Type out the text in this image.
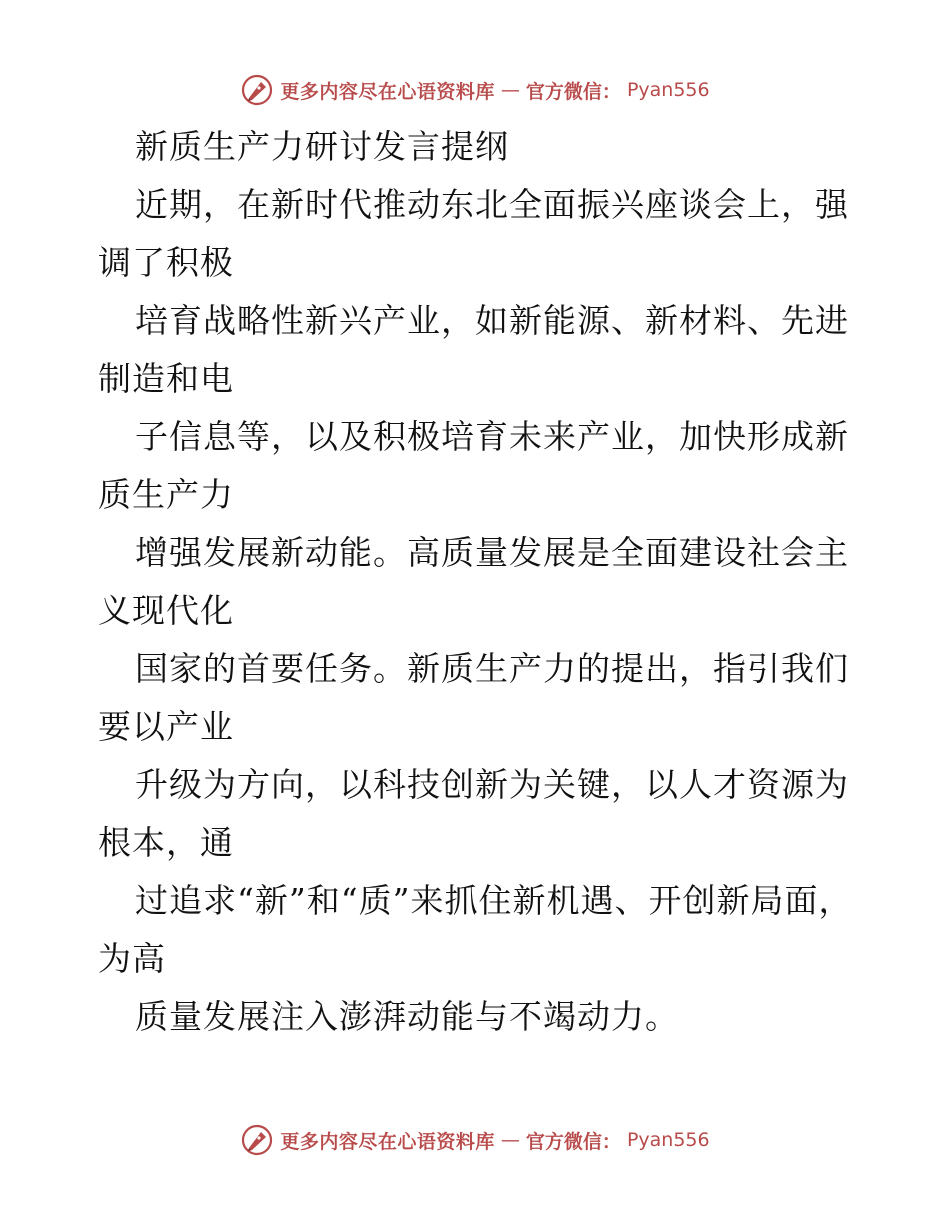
更多内容尽在心语资料库 — 官方微信： Pyan556

新质生产力研讨发言提纲

近期，在新时代推动东北全面振兴座谈会上，强调了积极

培育战略性新兴产业，如新能源、新材料、先进制造和电

子信息等，以及积极培育未来产业，加快形成新质生产力

增强发展新动能。高质量发展是全面建设社会主义现代化

国家的首要任务。新质生产力的提出，指引我们要以产业

升级为方向，以科技创新为关键，以人才资源为根本，通

过追求“新”和“质”来抓住新机遇、开创新局面，为高

质量发展注入澎湃动能与不竭动力。

更多内容尽在心语资料库 — 官方微信： Pyan556
